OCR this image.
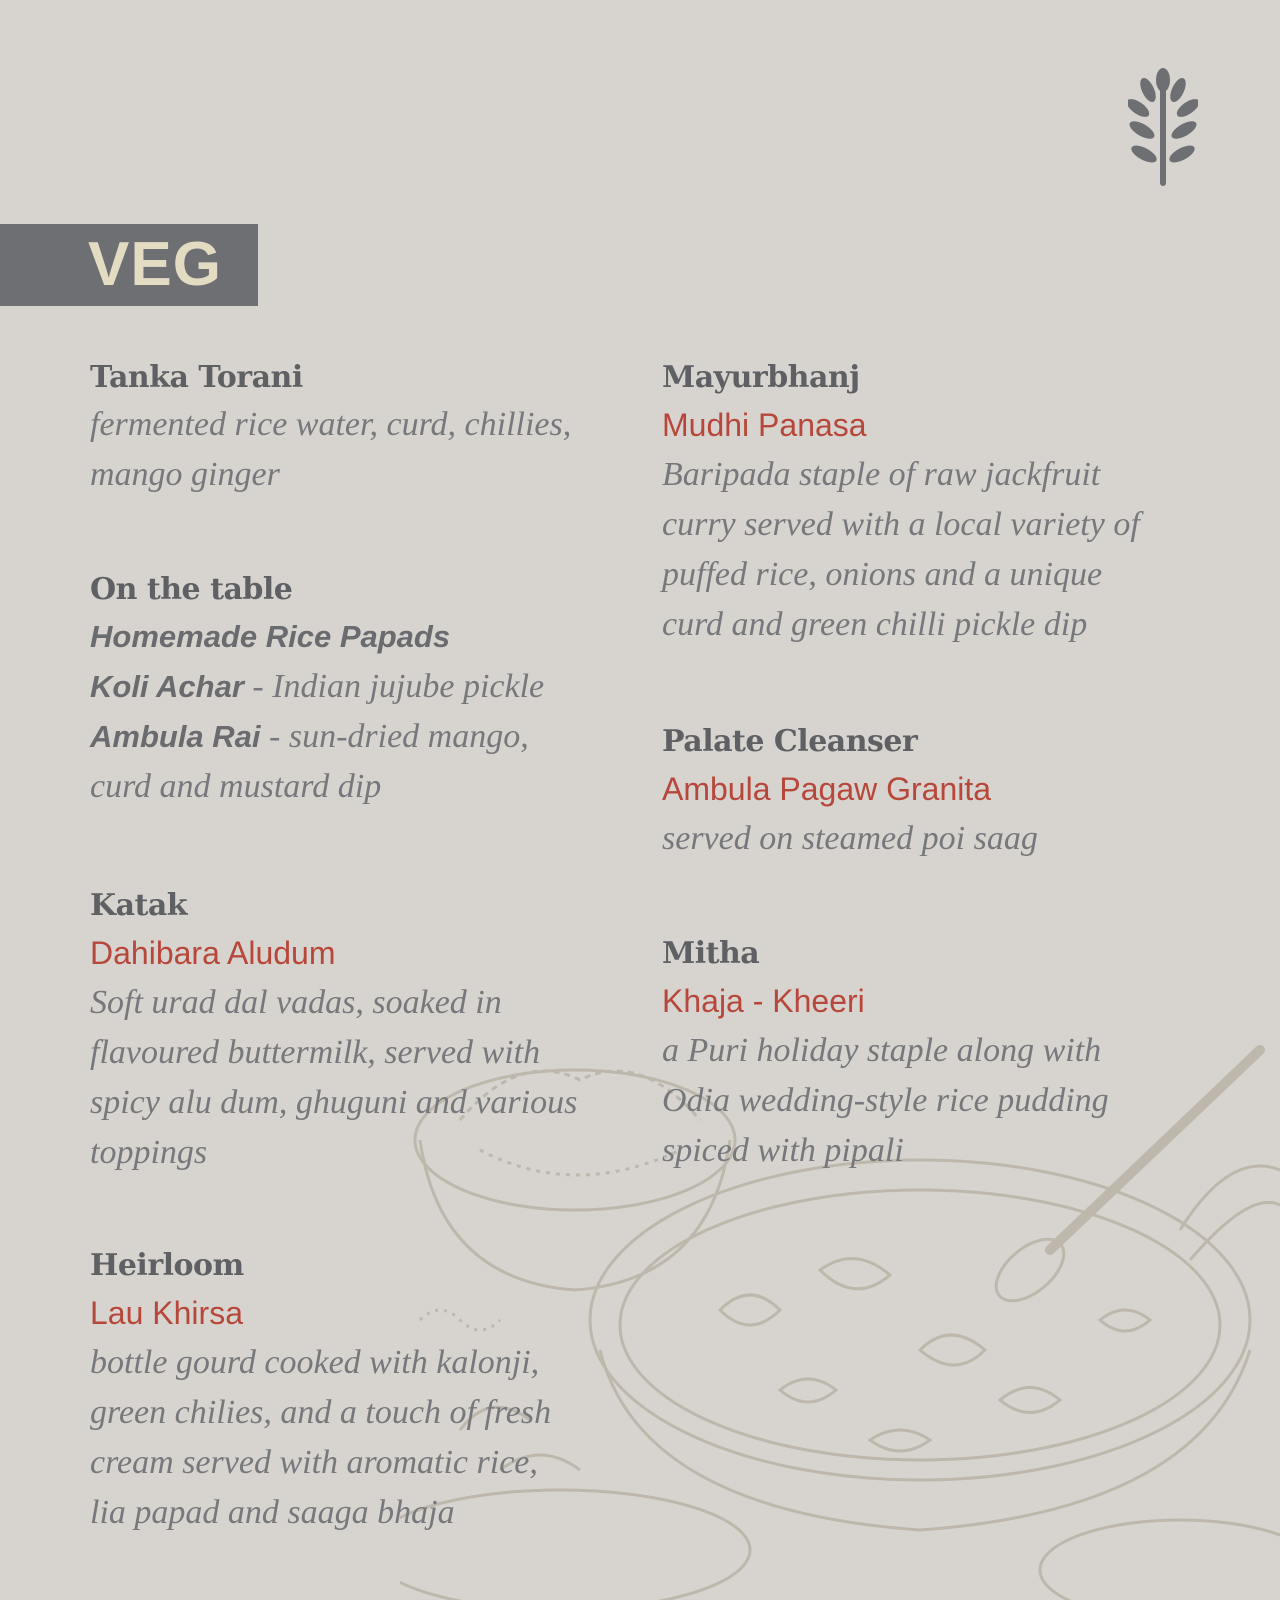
VEG
Tanka Torani
fermented rice water, curd, chillies,
mango ginger
On the table
Homemade Rice Papads
Koli Achar - Indian jujube pickle
Ambula Rai - sun-dried mango,
curd and mustard dip
Katak
Dahibara Aludum
Soft urad dal vadas, soaked in
flavoured buttermilk, served with
spicy alu dum, ghuguni and various
toppings
Heirloom
Lau Khirsa
bottle gourd cooked with kalonji,
green chilies, and a touch of fresh
cream served with aromatic rice,
lia papad and saaga bhaja
Mayurbhanj
Mudhi Panasa
Baripada staple of raw jackfruit
curry served with a local variety of
puffed rice, onions and a unique
curd and green chilli pickle dip
Palate Cleanser
Ambula Pagaw Granita
served on steamed poi saag
Mitha
Khaja - Kheeri
a Puri holiday staple along with
Odia wedding-style rice pudding
spiced with pipali
